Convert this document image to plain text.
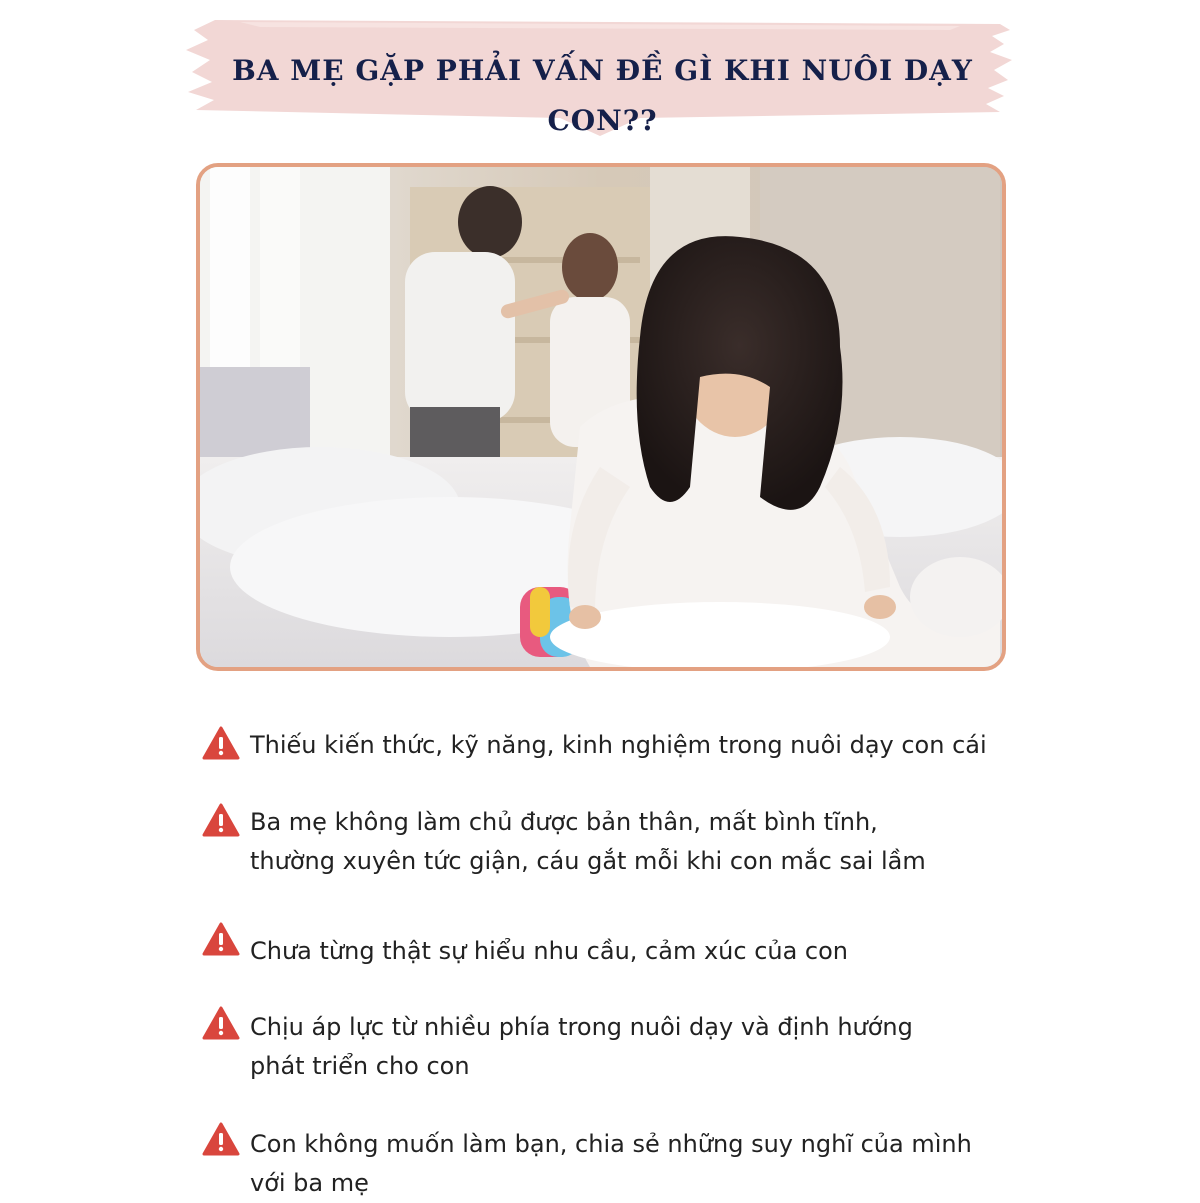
BA MẸ GẶP PHẢI VẤN ĐỀ GÌ KHI NUÔI DẠY
CON??
Thiếu kiến thức, kỹ năng, kinh nghiệm trong nuôi dạy con cái
Ba mẹ không làm chủ được bản thân, mất bình tĩnh,
thường xuyên tức giận, cáu gắt mỗi khi con mắc sai lầm
Chưa từng thật sự hiểu nhu cầu, cảm xúc của con
Chịu áp lực từ nhiều phía trong nuôi dạy và định hướng
phát triển cho con
Con không muốn làm bạn, chia sẻ những suy nghĩ của mình
với ba mẹ
